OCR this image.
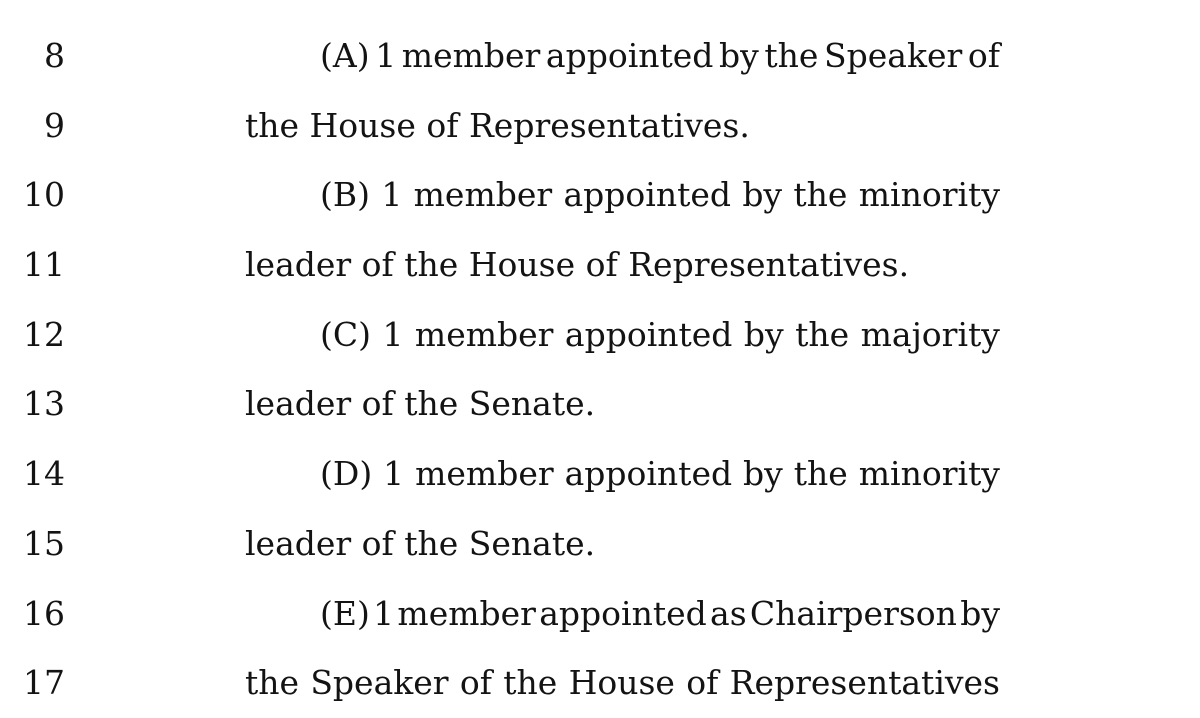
8	(A) 1 member appointed by the Speaker of
9	the House of Representatives.
10	(B) 1 member appointed by the minority
11	leader of the House of Representatives.
12	(C) 1 member appointed by the majority
13	leader of the Senate.
14	(D) 1 member appointed by the minority
15	leader of the Senate.
16	(E) 1 member appointed as Chairperson by
17	the Speaker of the House of Representatives
